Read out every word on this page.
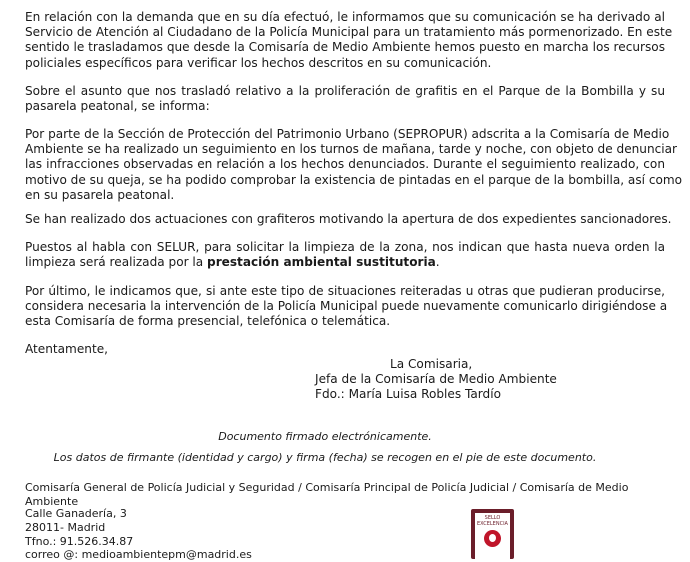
En relación con la demanda que en su día efectuó, le informamos que su comunicación se ha derivado al
Servicio de Atención al Ciudadano de la Policía Municipal para un tratamiento más pormenorizado. En este
sentido le trasladamos que desde la Comisaría de Medio Ambiente hemos puesto en marcha los recursos
policiales específicos para verificar los hechos descritos en su comunicación.
Sobre el asunto que nos trasladó relativo a la proliferación de grafitis en el Parque de la Bombilla y su
pasarela peatonal, se informa:
Por parte de la Sección de Protección del Patrimonio Urbano (SEPROPUR) adscrita a la Comisaría de Medio
Ambiente se ha realizado un seguimiento en los turnos de mañana, tarde y noche, con objeto de denunciar
las infracciones observadas en relación a los hechos denunciados. Durante el seguimiento realizado, con
motivo de su queja, se ha podido comprobar la existencia de pintadas en el parque de la bombilla, así como
en su pasarela peatonal.
Se han realizado dos actuaciones con grafiteros motivando la apertura de dos expedientes sancionadores.
Puestos al habla con SELUR, para solicitar la limpieza de la zona, nos indican que hasta nueva orden la
limpieza será realizada por la prestación ambiental sustitutoria.
Por último, le indicamos que, si ante este tipo de situaciones reiteradas u otras que pudieran producirse,
considera necesaria la intervención de la Policía Municipal puede nuevamente comunicarlo dirigiéndose a
esta Comisaría de forma presencial, telefónica o telemática.
Atentamente,
La Comisaria,
Jefa de la Comisaría de Medio Ambiente
Fdo.: María Luisa Robles Tardío
Documento firmado electrónicamente.
Los datos de firmante (identidad y cargo) y firma (fecha) se recogen en el pie de este documento.
Comisaría General de Policía Judicial y Seguridad / Comisaría Principal de Policía Judicial / Comisaría de Medio
Ambiente
Calle Ganadería, 3
28011- Madrid
Tfno.: 91.526.34.87
correo @: medioambientepm@madrid.es
SELLO
EXCELENCIA
